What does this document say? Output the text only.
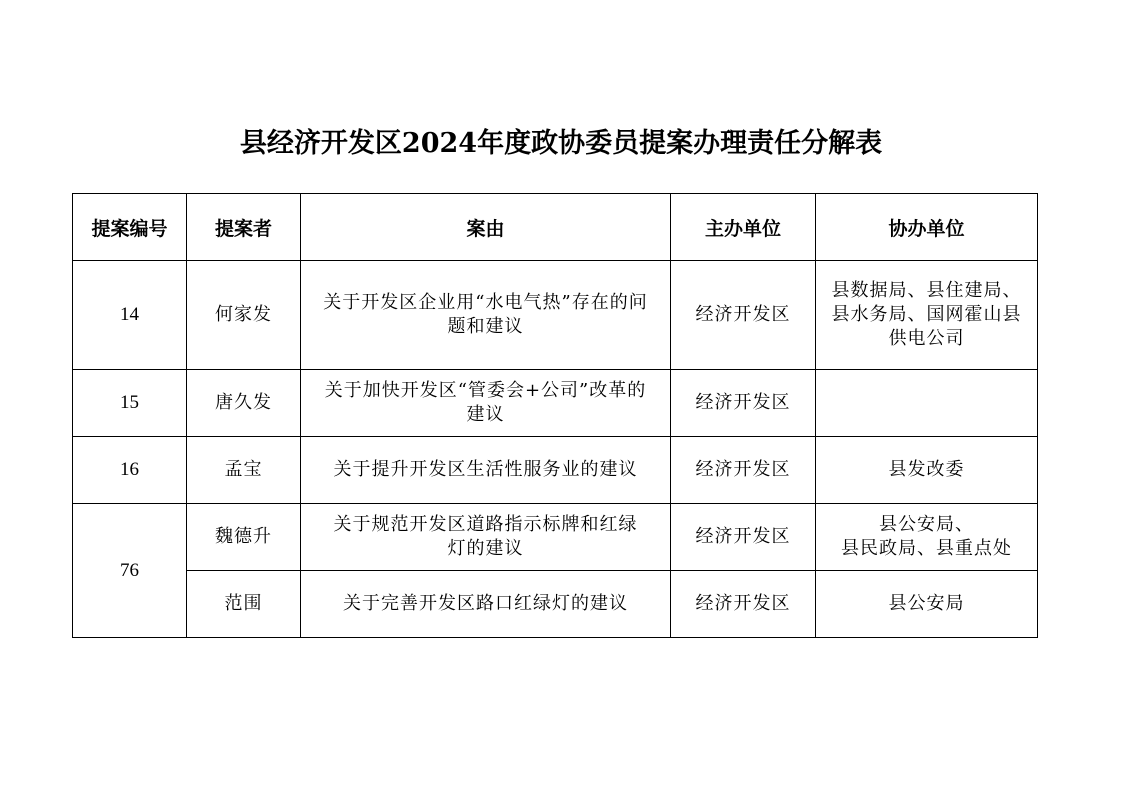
县经济开发区2024年度政协委员提案办理责任分解表
提案编号	提案者	案由	主办单位	协办单位
14	何家发	关于开发区企业用“水电气热”存在的问
题和建议	经济开发区	县数据局、县住建局、
县水务局、国网霍山县
供电公司

15	唐久发	关于加快开发区“管委会+公司”改革的
建议	经济开发区	
16	孟宝	关于提升开发区生活性服务业的建议	经济开发区	县发改委

76	魏德升	关于规范开发区道路指示标牌和红绿
灯的建议	经济开发区	县公安局、
县民政局、县重点处

	范围	关于完善开发区路口红绿灯的建议	经济开发区	县公安局
